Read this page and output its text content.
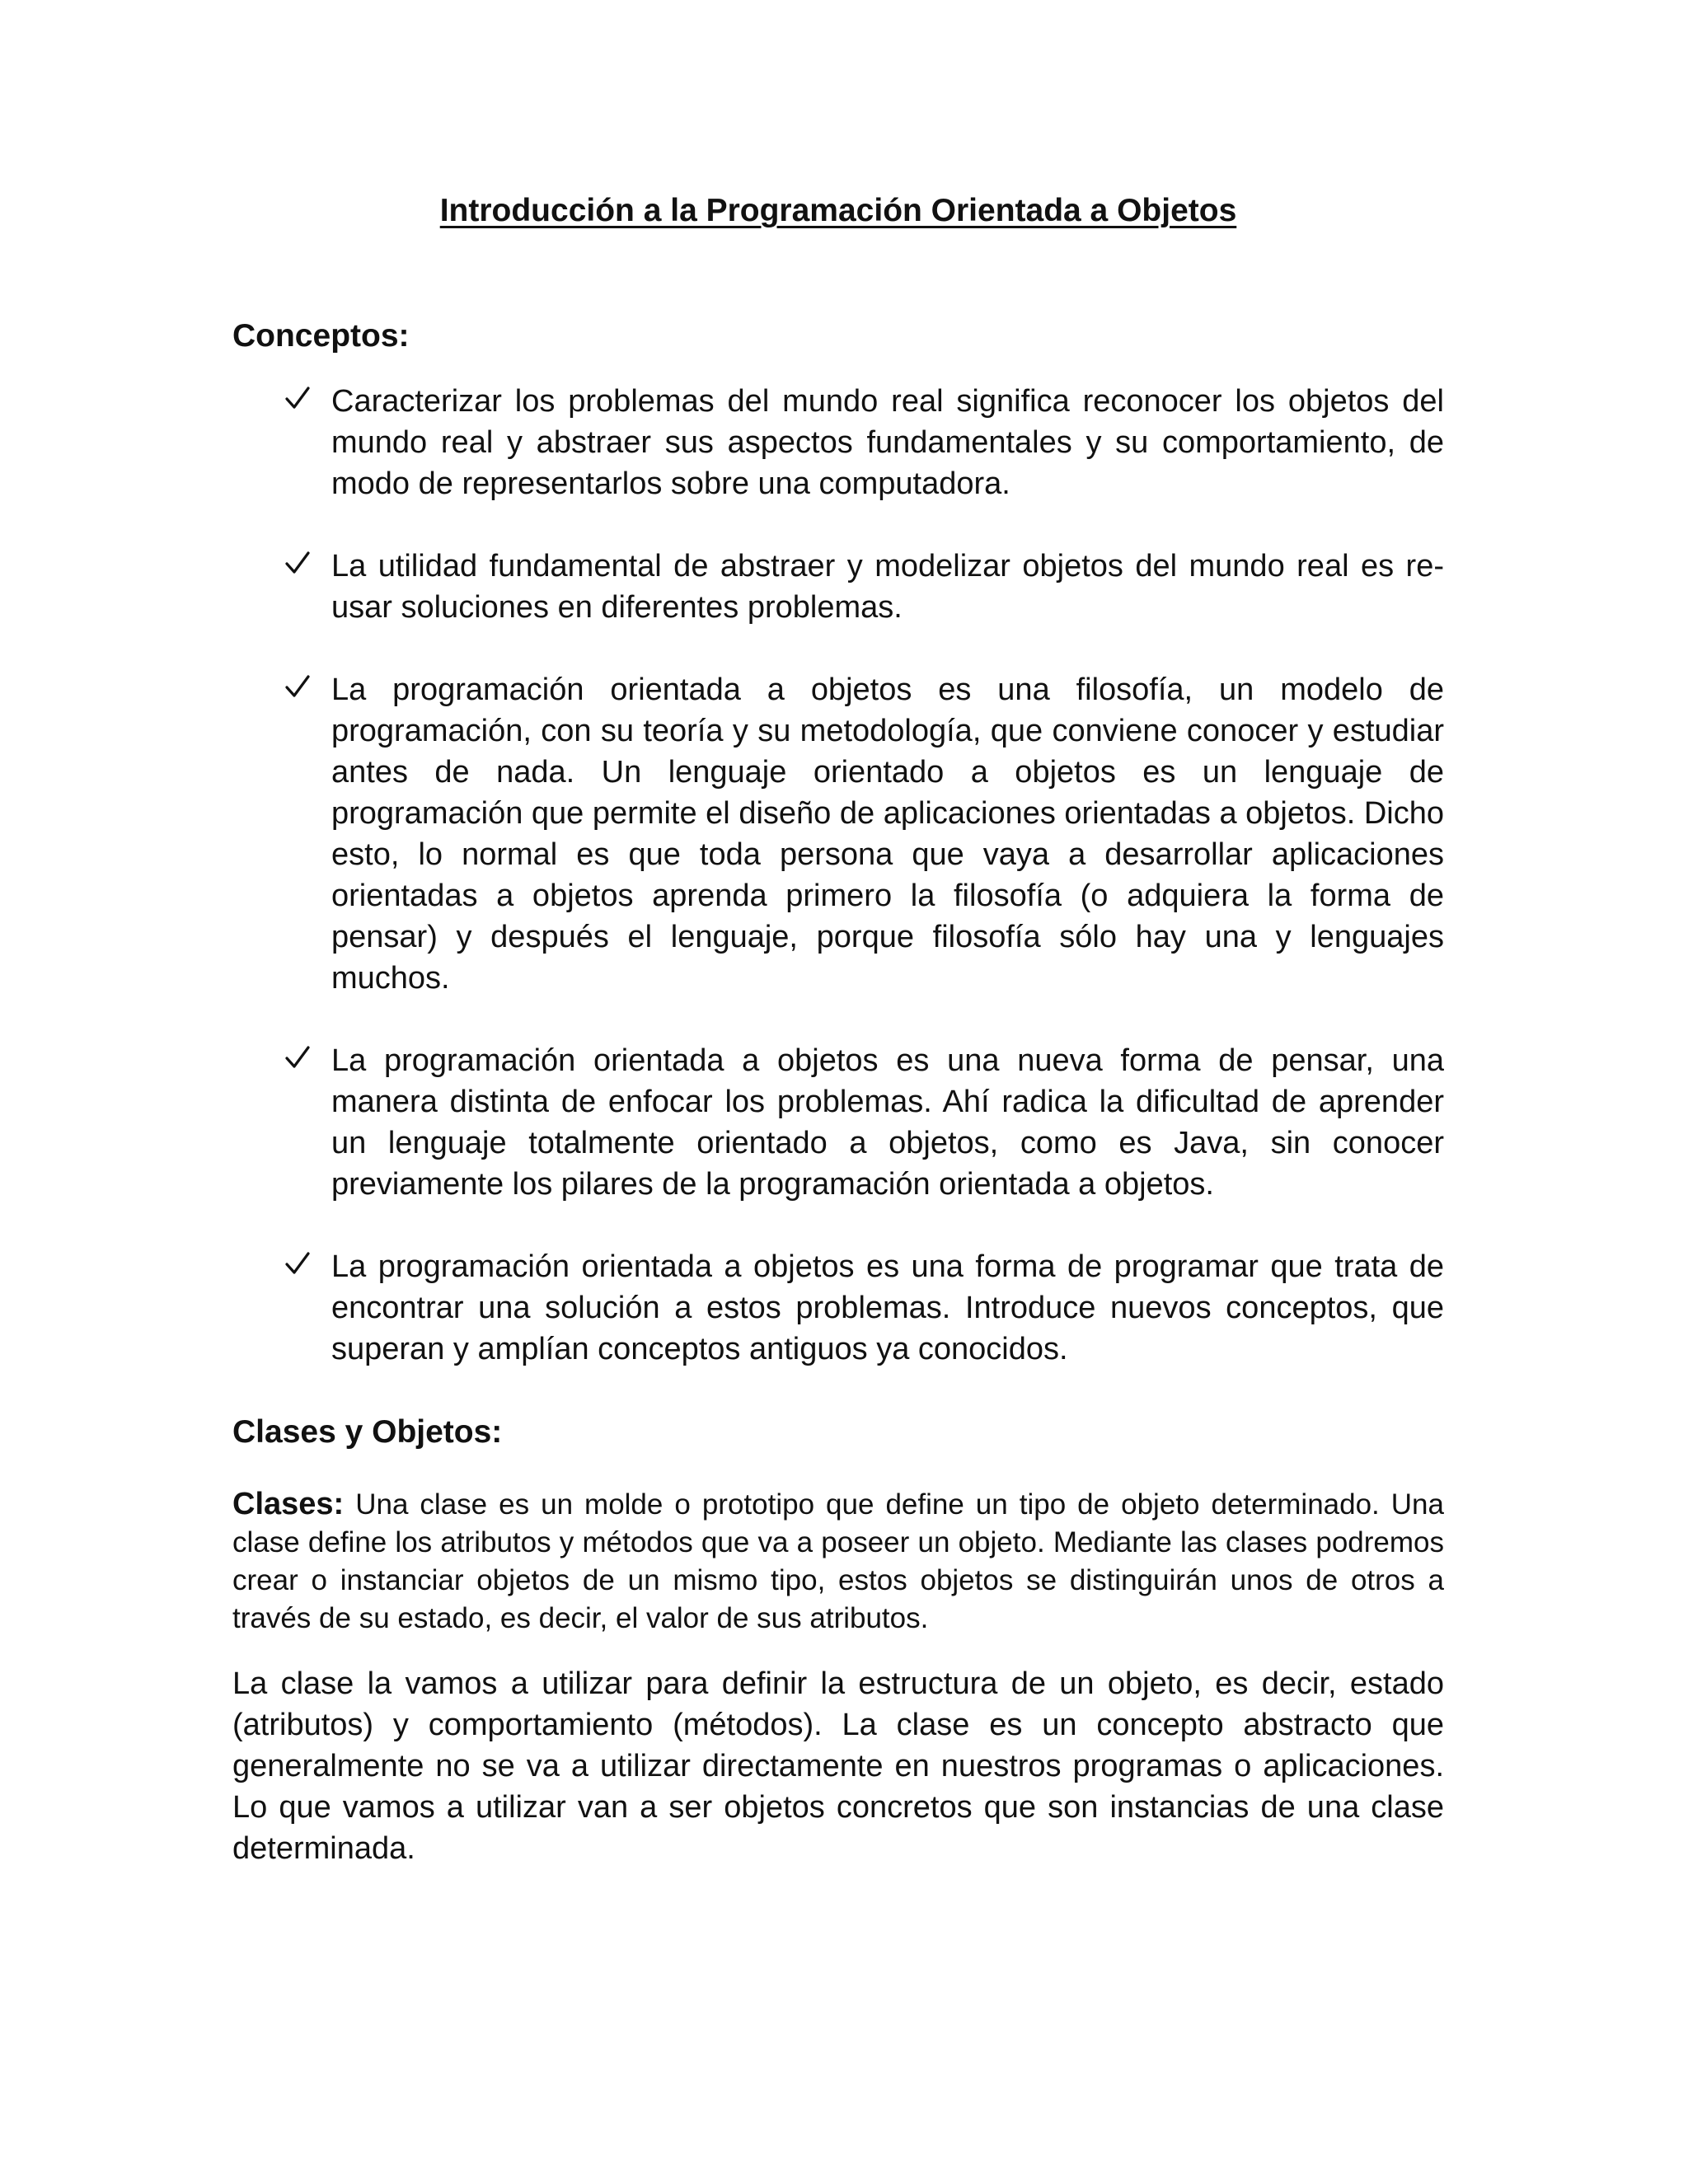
Introducción a la Programación Orientada a Objetos
Conceptos:
Caracterizar los problemas del mundo real significa reconocer los objetos del mundo real y abstraer sus aspectos fundamentales y su comportamiento, de modo de representarlos sobre una computadora.
La utilidad fundamental de abstraer y modelizar objetos del mundo real es re-usar soluciones en diferentes problemas.
La programación orientada a objetos es una filosofía, un modelo de programación, con su teoría y su metodología, que conviene conocer y estudiar antes de nada. Un lenguaje orientado a objetos es un lenguaje de programación que permite el diseño de aplicaciones orientadas a objetos. Dicho esto, lo normal es que toda persona que vaya a desarrollar aplicaciones orientadas a objetos aprenda primero la filosofía (o adquiera la forma de pensar) y después el lenguaje, porque filosofía sólo hay una y lenguajes muchos.
La programación orientada a objetos es una nueva forma de pensar, una manera distinta de enfocar los problemas. Ahí radica la dificultad de aprender un lenguaje totalmente orientado a objetos, como es Java, sin conocer previamente los pilares de la programación orientada a objetos.
La programación orientada a objetos es una forma de programar que trata de encontrar una solución a estos problemas. Introduce nuevos conceptos, que superan y amplían conceptos antiguos ya conocidos.
Clases y Objetos:

Clases: Una clase es un molde o prototipo que define un tipo de objeto determinado. Una clase define los atributos y métodos que va a poseer un objeto. Mediante las clases podremos crear o instanciar objetos de un mismo tipo, estos objetos se distinguirán unos de otros a través de su estado, es decir, el valor de sus atributos.

La clase la vamos a utilizar para definir la estructura de un objeto, es decir, estado (atributos) y comportamiento (métodos). La clase es un concepto abstracto que generalmente no se va a utilizar directamente en nuestros programas o aplicaciones. Lo que vamos a utilizar van a ser objetos concretos que son instancias de una clase determinada.
